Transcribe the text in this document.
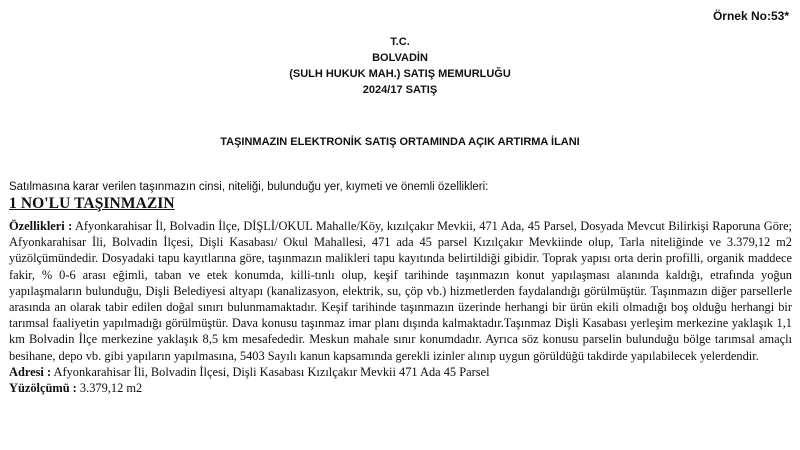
Örnek No:53*
T.C.
BOLVADİN
(SULH HUKUK MAH.) SATIŞ MEMURLUĞU
2024/17 SATIŞ
TAŞINMAZIN ELEKTRONİK SATIŞ ORTAMINDA AÇIK ARTIRMA İLANI
Satılmasına karar verilen taşınmazın cinsi, niteliği, bulunduğu yer, kıymeti ve önemli özellikleri:
1 NO'LU TAŞINMAZIN

Özellikleri : Afyonkarahisar İl, Bolvadin İlçe, DİŞLİ/OKUL Mahalle/Köy, kızılçakır Mevkii, 471 Ada, 45 Parsel, Dosyada Mevcut Bilirkişi Raporuna Göre; Afyonkarahisar İli, Bolvadin İlçesi, Dişli Kasabası/ Okul Mahallesi, 471 ada 45 parsel Kızılçakır Mevkiinde olup, Tarla niteliğinde ve 3.379,12 m2 yüzölçümündedir. Dosyadaki tapu kayıtlarına göre, taşınmazın malikleri tapu kayıtında belirtildiği gibidir. Toprak yapısı orta derin profilli, organik maddece fakir, % 0-6 arası eğimli, taban ve etek konumda, killi-tınlı olup, keşif tarihinde taşınmazın konut yapılaşması alanında kaldığı, etrafında yoğun yapılaşmaların bulunduğu, Dişli Belediyesi altyapı (kanalizasyon, elektrik, su, çöp vb.) hizmetlerden faydalandığı görülmüştür. Taşınmazın diğer parsellerle arasında an olarak tabir edilen doğal sınırı bulunmamaktadır. Keşif tarihinde taşınmazın üzerinde herhangi bir ürün ekili olmadığı boş olduğu herhangi bir tarımsal faaliyetin yapılmadığı görülmüştür. Dava konusu taşınmaz imar planı dışında kalmaktadır.Taşınmaz Dişli Kasabası yerleşim merkezine yaklaşık 1,1 km Bolvadin İlçe merkezine yaklaşık 8,5 km mesafededir. Meskun mahale sınır konumdadır. Ayrıca söz konusu parselin bulunduğu bölge tarımsal amaçlı besihane, depo vb. gibi yapıların yapılmasına, 5403 Sayılı kanun kapsamında gerekli izinler alınıp uygun görüldüğü takdirde yapılabilecek yelerdendir.

Adresi : Afyonkarahisar İli, Bolvadin İlçesi, Dişli Kasabası Kızılçakır Mevkii 471 Ada 45 Parsel

Yüzölçümü : 3.379,12 m2
